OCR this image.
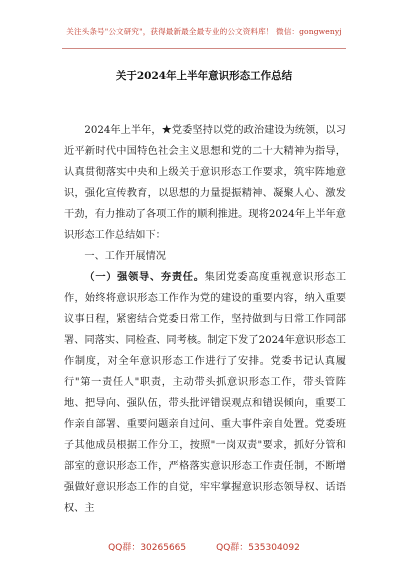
关注头条号"公文研究"，获得最新最全最专业的公文资料库！ 微信：gongwenyj
关于2024年上半年意识形态工作总结

2024年上半年，★党委坚持以党的政治建设为统领，以习近平新时代中国特色社会主义思想和党的二十大精神为指导，认真贯彻落实中央和上级关于意识形态工作要求，筑牢阵地意识，强化宣传教育，以思想的力量提振精神、凝聚人心、激发干劲，有力推动了各项工作的顺利推进。现将2024年上半年意识形态工作总结如下：

一、工作开展情况

（一）强领导、夯责任。集团党委高度重视意识形态工作，始终将意识形态工作作为党的建设的重要内容，纳入重要议事日程，紧密结合党委日常工作，坚持做到与日常工作同部署、同落实、同检查、同考核。制定下发了2024年意识形态工作制度，对全年意识形态工作进行了安排。党委书记认真履行"第一责任人"职责，主动带头抓意识形态工作，带头管阵地、把导向、强队伍，带头批评错误观点和错误倾向，重要工作亲自部署、重要问题亲自过问、重大事件亲自处置。党委班子其他成员根据工作分工，按照"一岗双责"要求，抓好分管和部室的意识形态工作，严格落实意识形态工作责任制，不断增强做好意识形态工作的自觉，牢牢掌握意识形态领导权、话语权、主

QQ群：30265665	QQ群：535304092
